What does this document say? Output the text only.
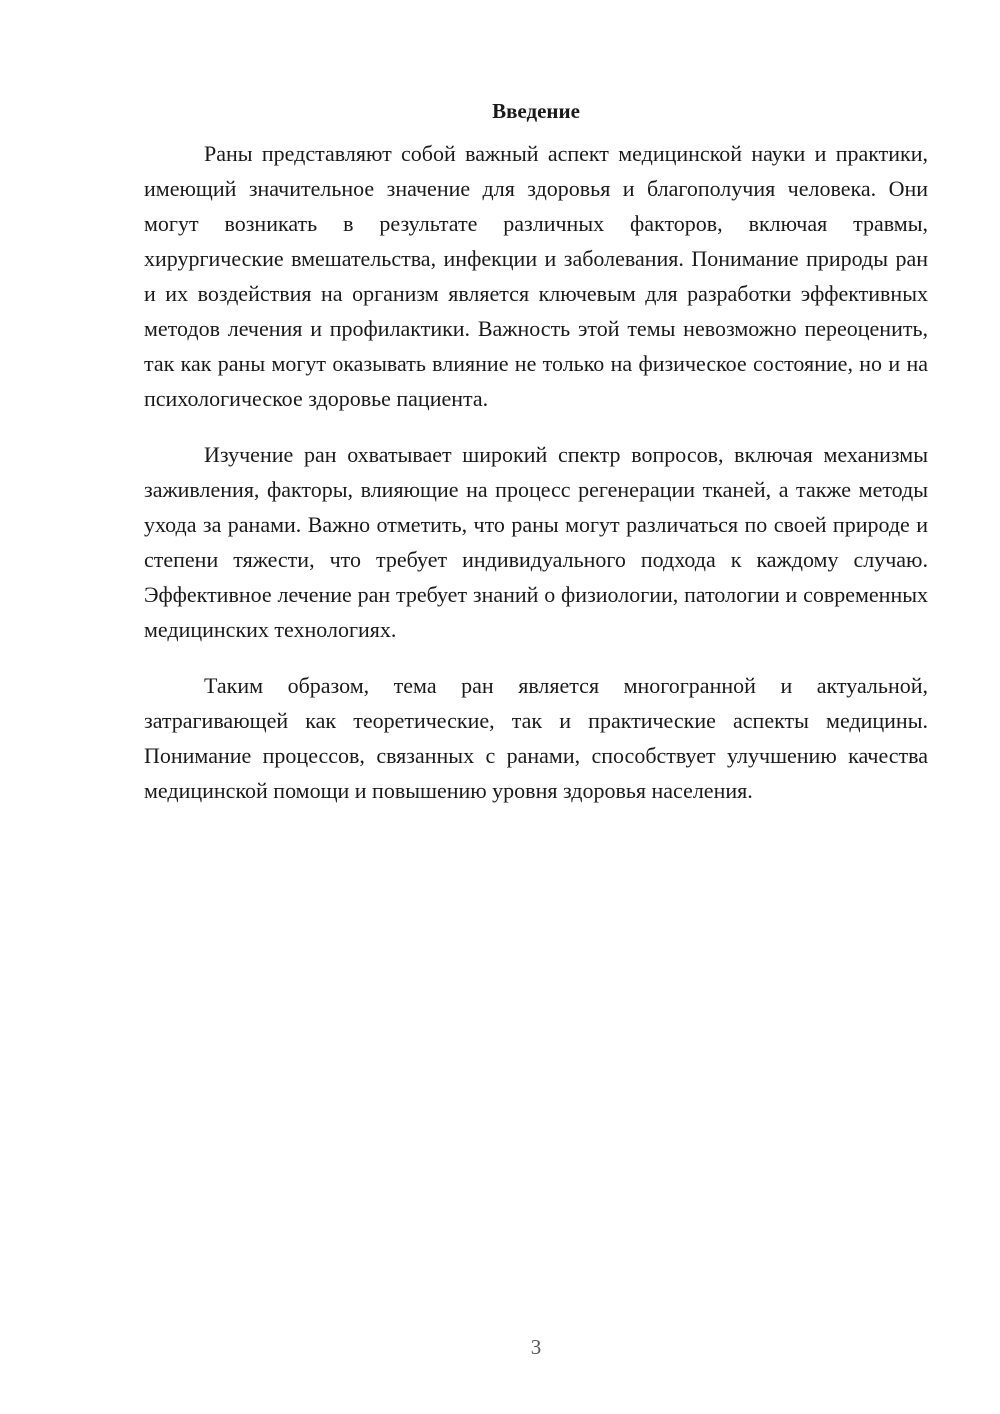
Введение

Раны представляют собой важный аспект медицинской науки и практики, имеющий значительное значение для здоровья и благополучия человека. Они могут возникать в результате различных факторов, включая травмы, хирургические вмешательства, инфекции и заболевания. Понимание природы ран и их воздействия на организм является ключевым для разработки эффективных методов лечения и профилактики. Важность этой темы невозможно переоценить, так как раны могут оказывать влияние не только на физическое состояние, но и на психологическое здоровье пациента.

Изучение ран охватывает широкий спектр вопросов, включая механизмы заживления, факторы, влияющие на процесс регенерации тканей, а также методы ухода за ранами. Важно отметить, что раны могут различаться по своей природе и степени тяжести, что требует индивидуального подхода к каждому случаю. Эффективное лечение ран требует знаний о физиологии, патологии и современных медицинских технологиях.

Таким образом, тема ран является многогранной и актуальной, затрагивающей как теоретические, так и практические аспекты медицины. Понимание процессов, связанных с ранами, способствует улучшению качества медицинской помощи и повышению уровня здоровья населения.

3
